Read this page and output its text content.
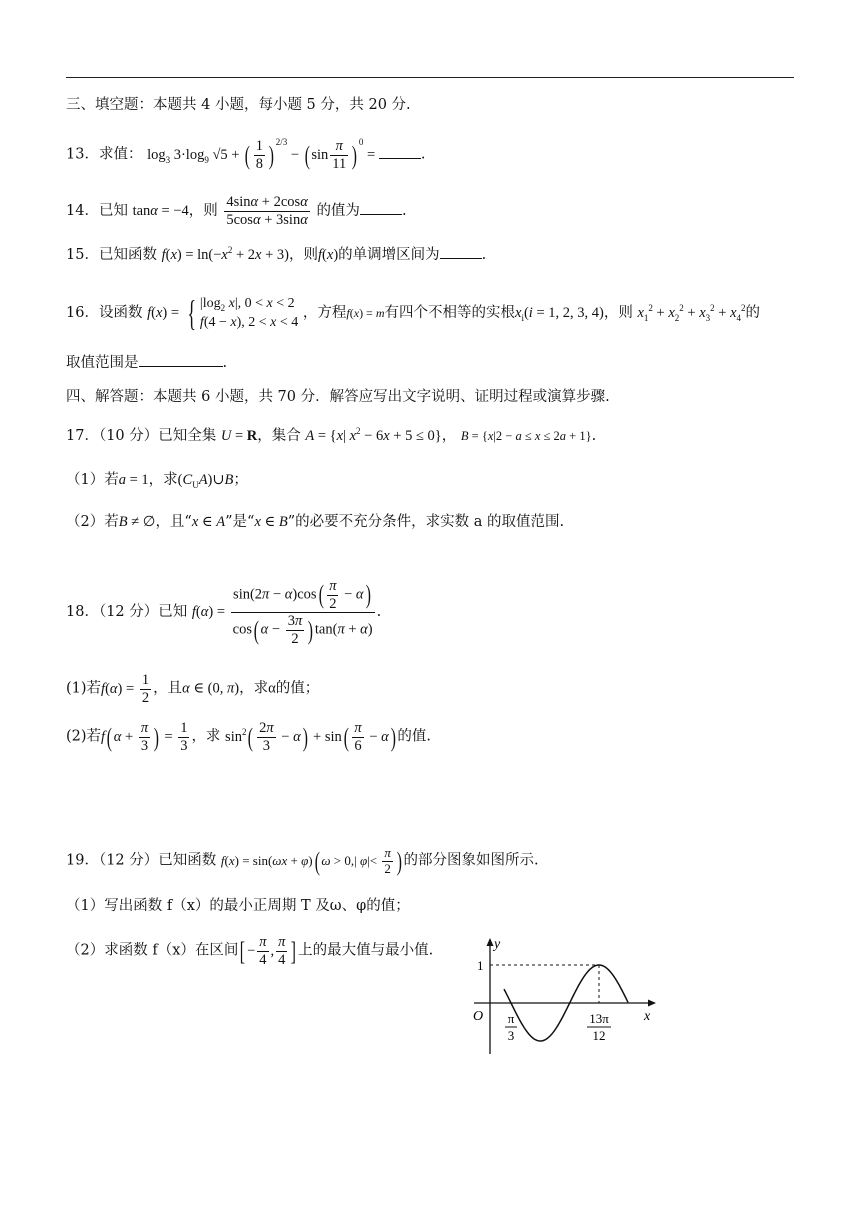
三、填空题：本题共 4 小题，每小题 5 分，共 20 分.
13．求值： $\log_3 3\cdot\log_9$ √5 + ( $\frac{1}{8}$ ) $^{2/3}$ − ( $\sin \frac{\pi}{11}$ ) $^0$ =	.
14．已知 tanα = −4，则 $\frac{4\sin\alpha + 2\cos\alpha}{5\cos\alpha + 3\sin\alpha}$ 的值为	.
15．已知函数 $f(x) = \ln(-x^2 + 2x + 3)$，则f(x)的单调增区间为	.
16．设函数 f(x) = { $|\log_2$ x|, 0 < x < 2
f(4 − x), 2 < x < 4
，方程f(x) = m有四个不相等的实根$x_i(i = 1$, 2, 3, 4)，则 $x_1^2 + x_2^2 + x_3^2 + x_4^2$的
取值范围是	.
四、解答题：本题共 6 小题，共 70 分．解答应写出文字说明、证明过程或演算步骤.
17．（10 分）已知全集 U = R，集合 A = {x| $x^2 - 6x + 5 \le 0$}， B = {x|2 − a ≤ x ≤ 2a + 1}.
（1）若a = 1，求$(C_UA)\cup B$；
（2）若B ≠ ∅，且“x ∈ A”是“x ∈ B”的必要不充分条件，求实数 a 的取值范围.
18．（12 分）已知 $f(\alpha) = \frac{\sin(2\pi - \alpha)\cos( \frac{\pi}{2} - \alpha)}{\cos( \alpha - \frac{3\pi}{2} ) \tan(\pi + \alpha)}$ .
(1)若$f(\alpha) = \frac{1}{2}$ ，且α ∈ (0, π)，求α的值；
(2)若f( $\alpha + \frac{\pi}{3}$ ) = $\frac{1}{3}$ ，求 $\sin^2( \frac{2\pi}{3} - \alpha) + \sin( \frac{\pi}{6} - \alpha)$ 的值.
19．（12 分）已知函数 f(x) = sin(ωx + φ)( ω > 0,| $\varphi|< \frac{\pi}{2}$ ) 的部分图象如图所示.
（1）写出函数 f（x）的最小正周期 T 及ω、φ的值；
（2）求函数 f（x）在区间[ − $\frac{\pi}{4}$ , $\frac{\pi}{4}$ ] 上的最大值与最小值.	y
x
O
1
π
3
13π
12
